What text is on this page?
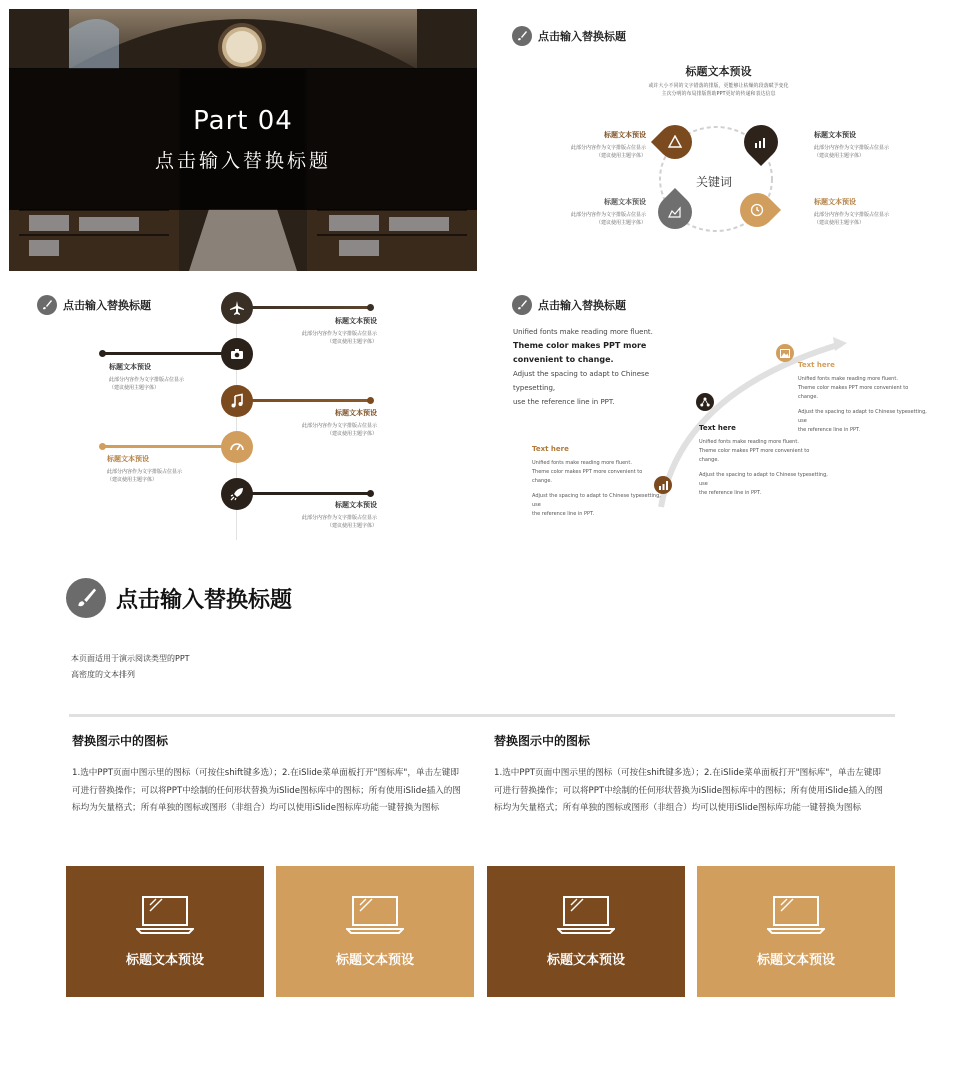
Part 04
点击输入替换标题
点击输入替换标题
标题文本预设
或许大小不同的文字错落的排版，更能够让枯燥的段落赋予变化
主次分明的布局排版帮助PPT更好的传递和表达信息
关键词
标题文本预设
此部分内容作为文字排版占位显示
（建议使用主题字体）
标题文本预设
此部分内容作为文字排版占位显示
（建议使用主题字体）
标题文本预设
此部分内容作为文字排版占位显示
（建议使用主题字体）
标题文本预设
此部分内容作为文字排版占位显示
（建议使用主题字体）
点击输入替换标题
标题文本预设
此部分内容作为文字排版占位显示
（建议使用主题字体）
标题文本预设
此部分内容作为文字排版占位显示
（建议使用主题字体）
标题文本预设
此部分内容作为文字排版占位显示
（建议使用主题字体）
标题文本预设
此部分内容作为文字排版占位显示
（建议使用主题字体）
标题文本预设
此部分内容作为文字排版占位显示
（建议使用主题字体）
点击输入替换标题
Unified fonts make reading more fluent.
Theme color makes PPT more
convenient to change.
Adjust the spacing to adapt to Chinese typesetting,
use the reference line in PPT.
Text here
Unified fonts make reading more fluent.
Theme color makes PPT more convenient to change.
Adjust the spacing to adapt to Chinese typesetting, use
the reference line in PPT.
Text here
Unified fonts make reading more fluent.
Theme color makes PPT more convenient to change.
Adjust the spacing to adapt to Chinese typesetting, use
the reference line in PPT.
Text here
Unified fonts make reading more fluent.
Theme color makes PPT more convenient to change.
Adjust the spacing to adapt to Chinese typesetting, use
the reference line in PPT.
点击输入替换标题
本页面适用于演示阅读类型的PPT
高密度的文本排列
替换图示中的图标
1.选中PPT页面中图示里的图标（可按住shift键多选）；2.在iSlide菜单面板打开"图标库"，单击左键即可进行替换操作；可以将PPT中绘制的任何形状替换为iSlide图标库中的图标；所有使用iSlide插入的图标均为矢量格式；所有单独的图标或图形（非组合）均可以使用iSlide图标库功能一键替换为图标
替换图示中的图标
1.选中PPT页面中图示里的图标（可按住shift键多选）；2.在iSlide菜单面板打开"图标库"，单击左键即可进行替换操作；可以将PPT中绘制的任何形状替换为iSlide图标库中的图标；所有使用iSlide插入的图标均为矢量格式；所有单独的图标或图形（非组合）均可以使用iSlide图标库功能一键替换为图标
标题文本预设	标题文本预设	标题文本预设	标题文本预设
